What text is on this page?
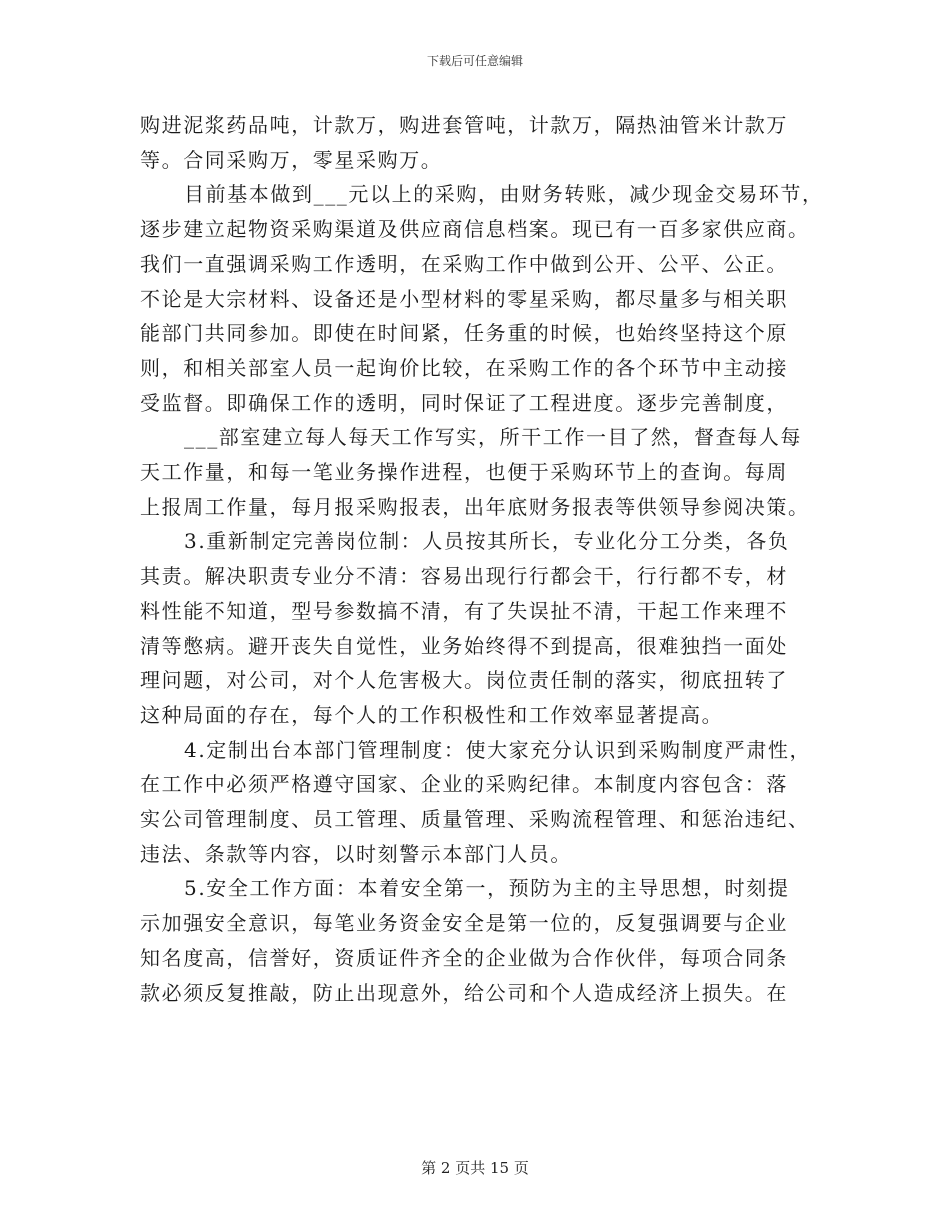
下载后可任意编辑

购进泥浆药品吨，计款万，购进套管吨，计款万，隔热油管米计款万
等。合同采购万，零星采购万。

目前基本做到___元以上的采购，由财务转账，减少现金交易环节，
逐步建立起物资采购渠道及供应商信息档案。现已有一百多家供应商。
我们一直强调采购工作透明，在采购工作中做到公开、公平、公正。
不论是大宗材料、设备还是小型材料的零星采购，都尽量多与相关职
能部门共同参加。即使在时间紧，任务重的时候，也始终坚持这个原
则，和相关部室人员一起询价比较，在采购工作的各个环节中主动接
受监督。即确保工作的透明，同时保证了工程进度。逐步完善制度，

___部室建立每人每天工作写实，所干工作一目了然，督查每人每
天工作量，和每一笔业务操作进程，也便于采购环节上的查询。每周
上报周工作量，每月报采购报表，出年底财务报表等供领导参阅决策。

3.重新制定完善岗位制：人员按其所长，专业化分工分类，各负
其责。解决职责专业分不清：容易出现行行都会干，行行都不专，材
料性能不知道，型号参数搞不清，有了失误扯不清，干起工作来理不
清等憋病。避开丧失自觉性，业务始终得不到提高，很难独挡一面处
理问题，对公司，对个人危害极大。岗位责任制的落实，彻底扭转了
这种局面的存在，每个人的工作积极性和工作效率显著提高。

4.定制出台本部门管理制度：使大家充分认识到采购制度严肃性，
在工作中必须严格遵守国家、企业的采购纪律。本制度内容包含：落
实公司管理制度、员工管理、质量管理、采购流程管理、和惩治违纪、
违法、条款等内容，以时刻警示本部门人员。

5.安全工作方面：本着安全第一，预防为主的主导思想，时刻提
示加强安全意识，每笔业务资金安全是第一位的，反复强调要与企业
知名度高，信誉好，资质证件齐全的企业做为合作伙伴，每项合同条
款必须反复推敲，防止出现意外，给公司和个人造成经济上损失。在

第 2 页共 15 页
